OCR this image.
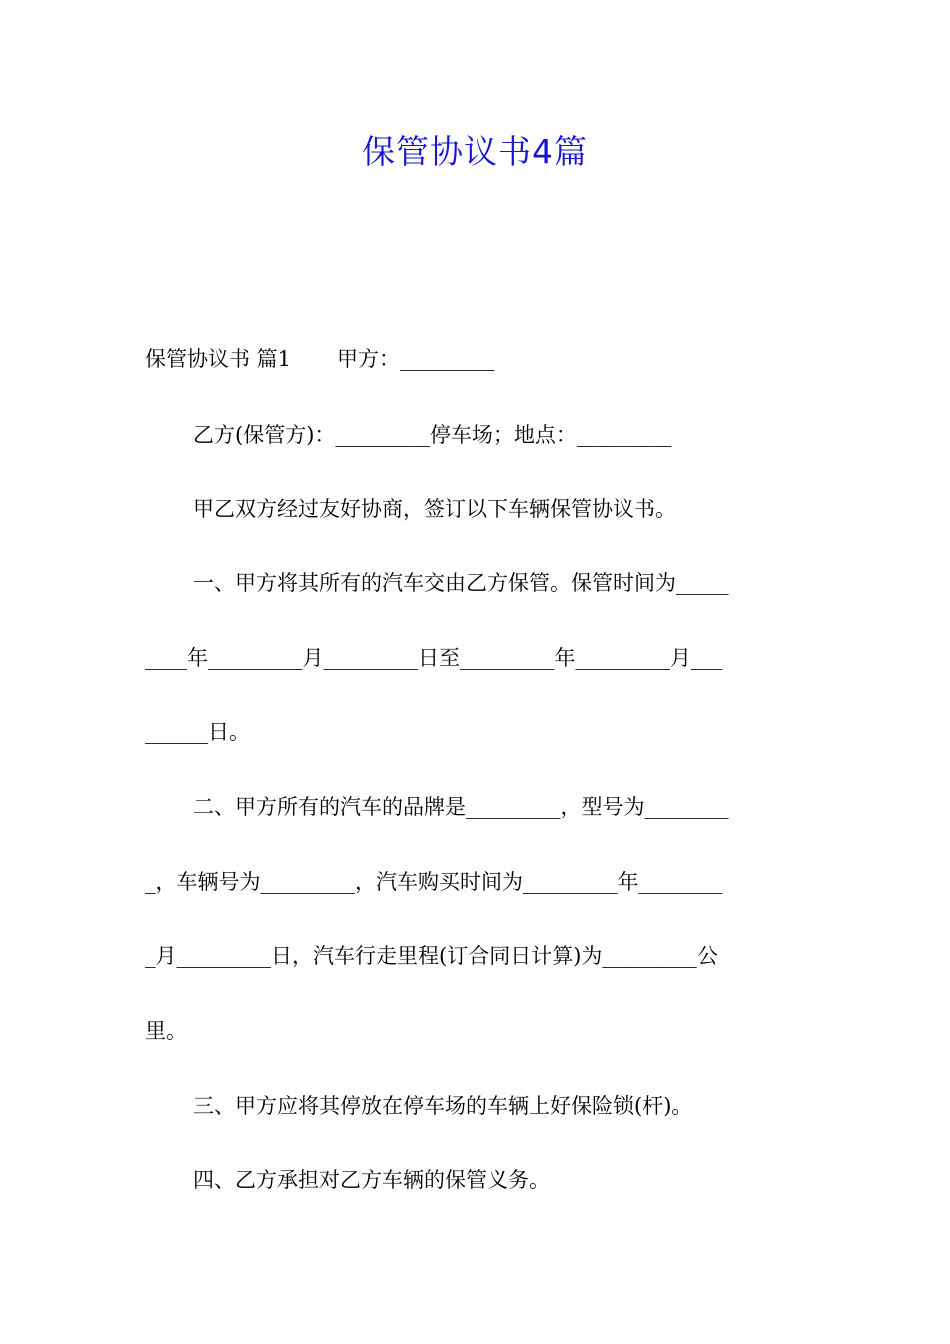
保管协议书4篇
保管协议书 篇1 甲方：_________
乙方(保管方)：_________停车场；地点：_________
甲乙双方经过友好协商，签订以下车辆保管协议书。
一、甲方将其所有的汽车交由乙方保管。保管时间为_____
____年_________月_________日至_________年_________月___
______日。
二、甲方所有的汽车的品牌是_________，型号为________
_，车辆号为_________，汽车购买时间为_________年________
_月_________日，汽车行走里程(订合同日计算)为_________公
里。
三、甲方应将其停放在停车场的车辆上好保险锁(杆)。
四、乙方承担对乙方车辆的保管义务。
